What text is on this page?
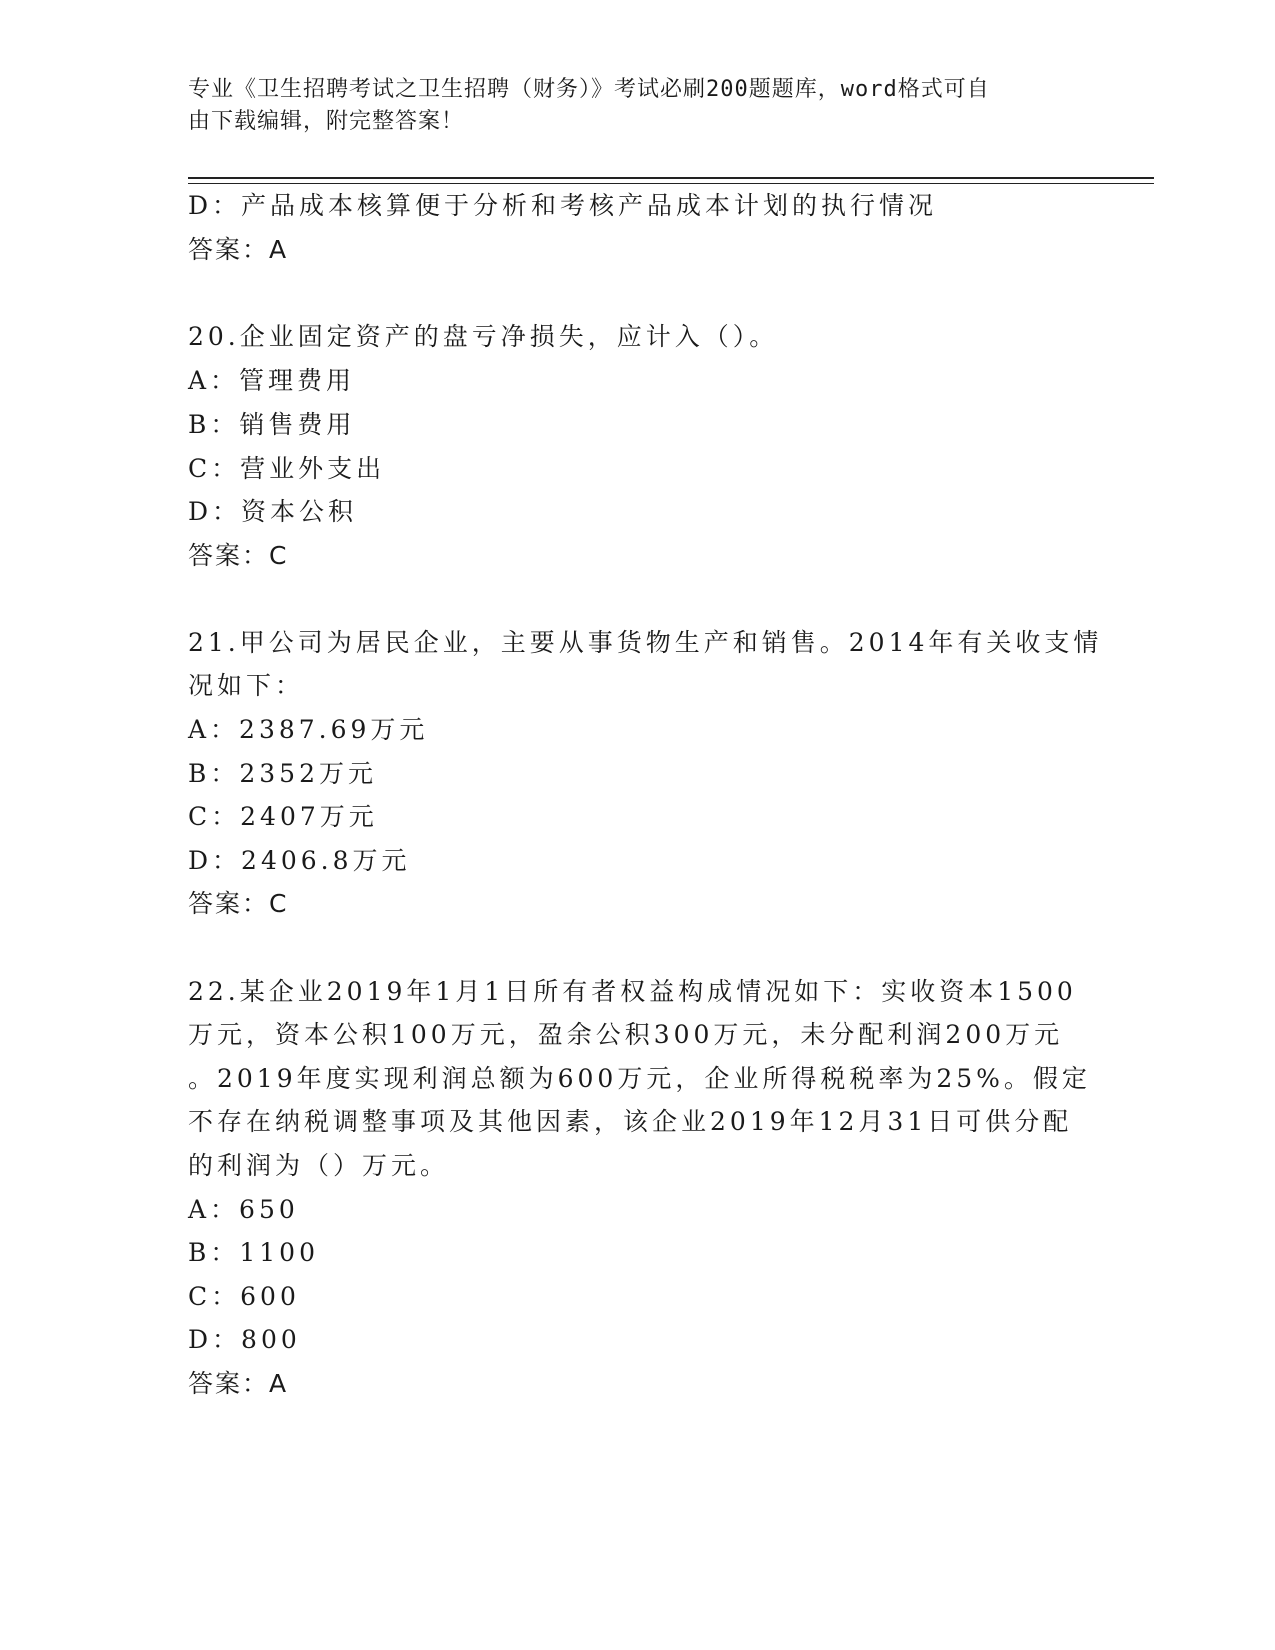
专业《卫生招聘考试之卫生招聘（财务）》考试必刷200题题库，word格式可自
由下载编辑，附完整答案！
D：产品成本核算便于分析和考核产品成本计划的执行情况
答案：A
20.企业固定资产的盘亏净损失，应计入（）。
A：管理费用
B：销售费用
C：营业外支出
D：资本公积
答案：C
21.甲公司为居民企业，主要从事货物生产和销售。2014年有关收支情
况如下：
A：2387.69万元
B：2352万元
C：2407万元
D：2406.8万元
答案：C
22.某企业2019年1月1日所有者权益构成情况如下：实收资本1500
万元，资本公积100万元，盈余公积300万元，未分配利润200万元
。2019年度实现利润总额为600万元，企业所得税税率为25%。假定
不存在纳税调整事项及其他因素，该企业2019年12月31日可供分配
的利润为（）万元。
A：650
B：1100
C：600
D：800
答案：A
